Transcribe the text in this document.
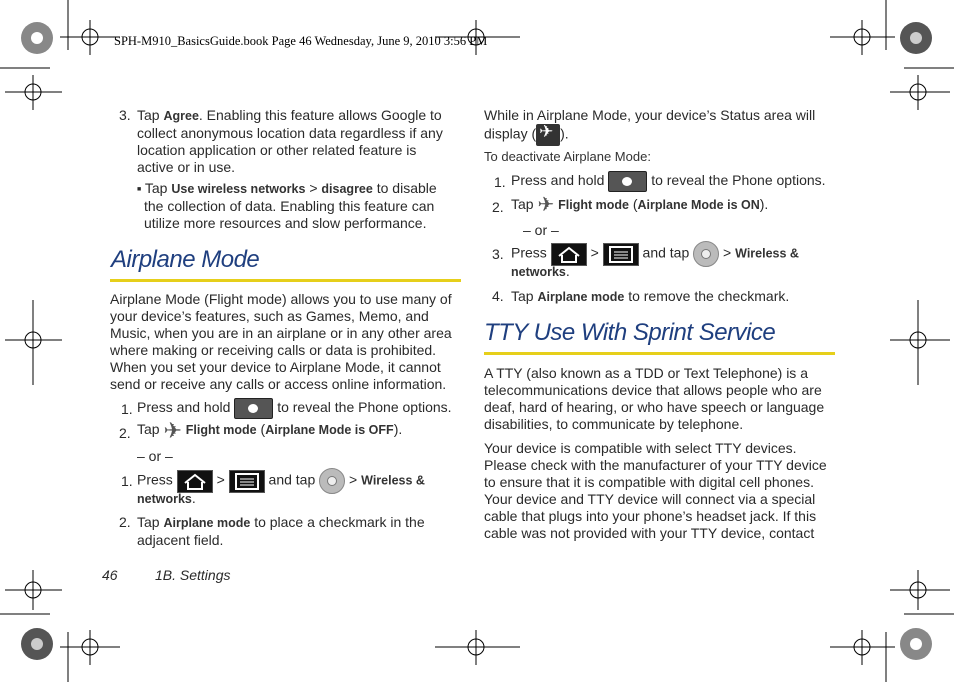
SPH-M910_BasicsGuide.book Page 46 Wednesday, June 9, 2010 3:56 PM
3. Tap Agree. Enabling this feature allows Google to
collect anonymous location data regardless if any
location application or other related feature is
active or in use.
■ Tap Use wireless networks > disagree to disable
the collection of data. Enabling this feature can
utilize more resources and slow performance.
Airplane Mode
Airplane Mode (Flight mode) allows you to use many of
your device’s features, such as Games, Memo, and
Music, when you are in an airplane or in any other area
where making or receiving calls or data is prohibited.
When you set your device to Airplane Mode, it cannot
send or receive any calls or access online information.
1. Press and hold	to reveal the Phone options.
2. Tap ✈ Flight mode (Airplane Mode is OFF).
– or –
1. Press	>	and tap > Wireless &
networks.
2. Tap Airplane mode to place a checkmark in the
adjacent field.
46	1B. Settings
While in Airplane Mode, your device’s Status area will
display ( ✈ ).
To deactivate Airplane Mode:
1. Press and hold	to reveal the Phone options.
2. Tap ✈ Flight mode (Airplane Mode is ON).
– or –
3. Press	>	and tap > Wireless &
networks.
4. Tap Airplane mode to remove the checkmark.
TTY Use With Sprint Service
A TTY (also known as a TDD or Text Telephone) is a
telecommunications device that allows people who are
deaf, hard of hearing, or who have speech or language
disabilities, to communicate by telephone.
Your device is compatible with select TTY devices.
Please check with the manufacturer of your TTY device
to ensure that it is compatible with digital cell phones.
Your device and TTY device will connect via a special
cable that plugs into your phone’s headset jack. If this
cable was not provided with your TTY device, contact
